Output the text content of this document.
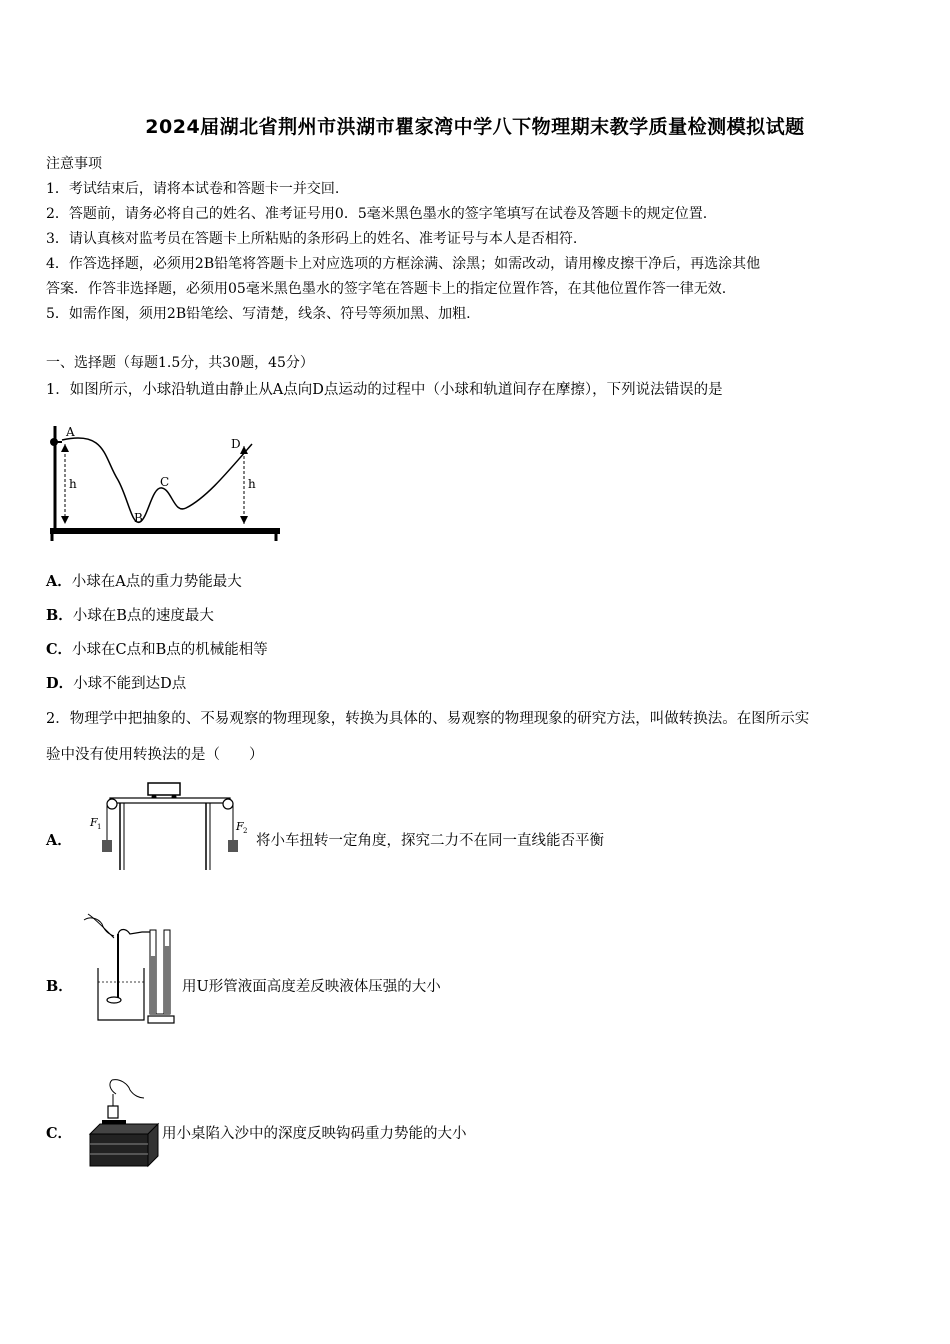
2024届湖北省荆州市洪湖市瞿家湾中学八下物理期末教学质量检测模拟试题
注意事项
1．考试结束后，请将本试卷和答题卡一并交回.
2．答题前，请务必将自己的姓名、准考证号用0．5毫米黑色墨水的签字笔填写在试卷及答题卡的规定位置.
3．请认真核对监考员在答题卡上所粘贴的条形码上的姓名、准考证号与本人是否相符.
4．作答选择题，必须用2B铅笔将答题卡上对应选项的方框涂满、涂黑；如需改动，请用橡皮擦干净后，再选涂其他
答案．作答非选择题，必须用05毫米黑色墨水的签字笔在答题卡上的指定位置作答，在其他位置作答一律无效.
5．如需作图，须用2B铅笔绘、写清楚，线条、符号等须加黑、加粗.
一、选择题（每题1.5分，共30题，45分）
1．如图所示，小球沿轨道由静止从A点向D点运动的过程中（小球和轨道间存在摩擦），下列说法错误的是
A
B
C
D
h	h
A．小球在A点的重力势能最大
B．小球在B点的速度最大
C．小球在C点和B点的机械能相等
D．小球不能到达D点
2．物理学中把抽象的、不易观察的物理现象，转换为具体的、易观察的物理现象的研究方法，叫做转换法。在图所示实
验中没有使用转换法的是（　　）
A．
F 1	F 2
将小车扭转一定角度，探究二力不在同一直线能否平衡
B．	用U形管液面高度差反映液体压强的大小
C．	用小桌陷入沙中的深度反映钩码重力势能的大小
